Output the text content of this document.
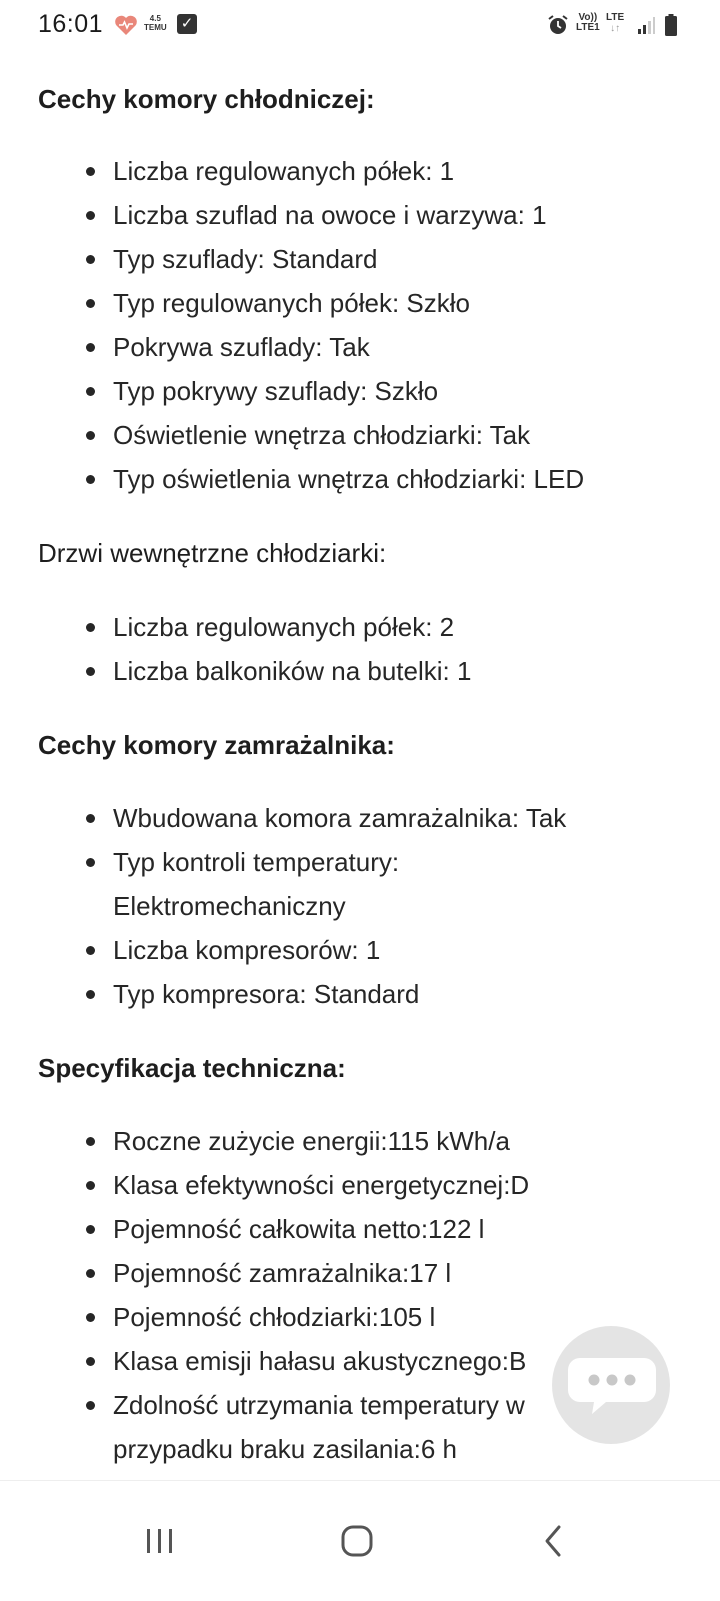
16:01	4.5
TEMU ✓	Vo))
LTE1
LTE
↓↑
Cechy komory chłodniczej:
Liczba regulowanych półek: 1
Liczba szuflad na owoce i warzywa: 1
Typ szuflady: Standard
Typ regulowanych półek: Szkło
Pokrywa szuflady: Tak
Typ pokrywy szuflady: Szkło
Oświetlenie wnętrza chłodziarki: Tak
Typ oświetlenia wnętrza chłodziarki: LED
Drzwi wewnętrzne chłodziarki:
Liczba regulowanych półek: 2
Liczba balkoników na butelki: 1
Cechy komory zamrażalnika:
Wbudowana komora zamrażalnika: Tak
Typ kontroli temperatury:
Elektromechaniczny
Liczba kompresorów: 1
Typ kompresora: Standard
Specyfikacja techniczna:
Roczne zużycie energii:115 kWh/a
Klasa efektywności energetycznej:D
Pojemność całkowita netto:122 l
Pojemność zamrażalnika:17 l
Pojemność chłodziarki:105 l
Klasa emisji hałasu akustycznego:B
Zdolność utrzymania temperatury w
przypadku braku zasilania:6 h
